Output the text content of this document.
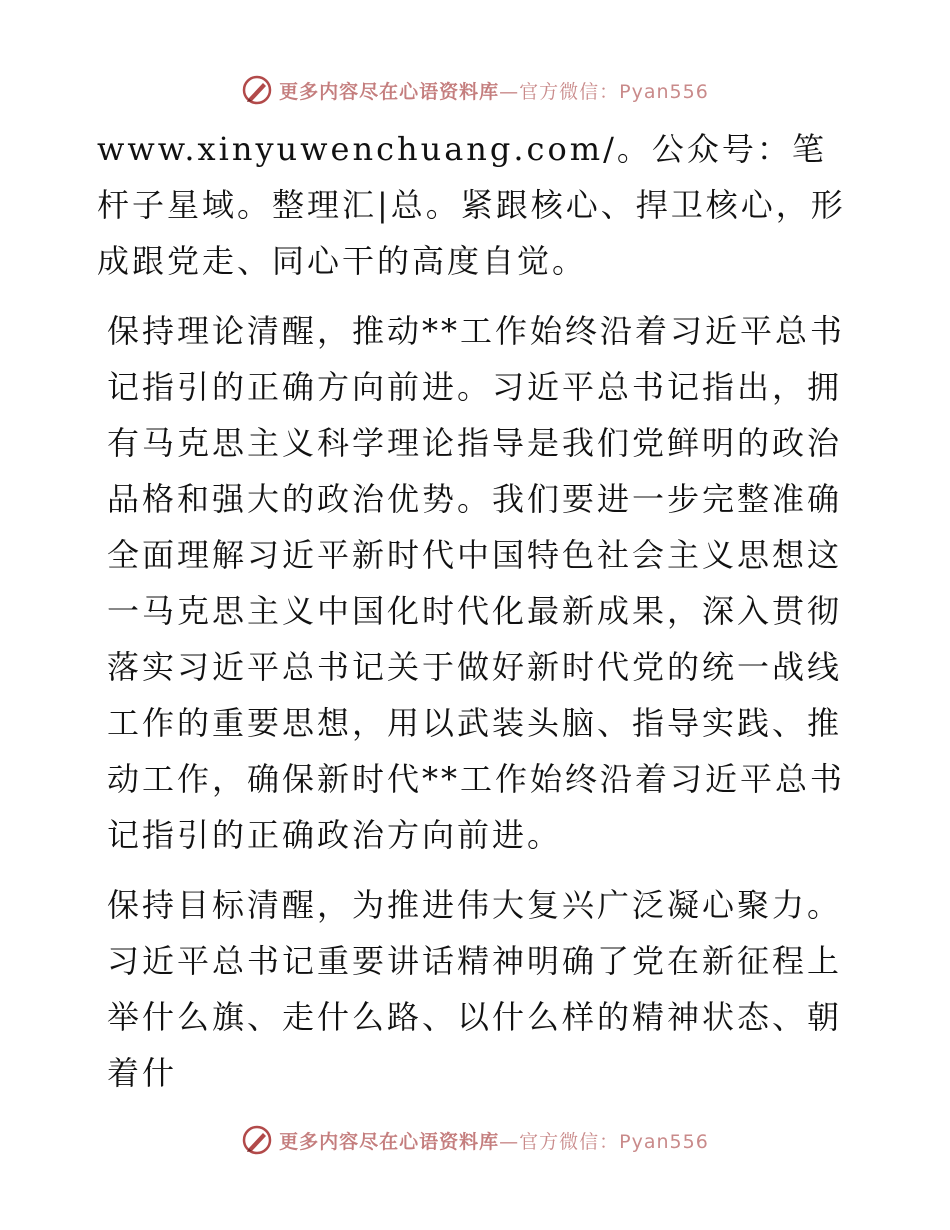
更多内容尽在心语资料库—官方微信：Pyan556

www.xinyuwenchuang.com/。公众号：笔杆子星域。整理汇|总。紧跟核心、捍卫核心，形成跟党走、同心干的高度自觉。

保持理论清醒，推动**工作始终沿着习近平总书记指引的正确方向前进。习近平总书记指出，拥有马克思主义科学理论指导是我们党鲜明的政治品格和强大的政治优势。我们要进一步完整准确全面理解习近平新时代中国特色社会主义思想这一马克思主义中国化时代化最新成果，深入贯彻落实习近平总书记关于做好新时代党的统一战线工作的重要思想，用以武装头脑、指导实践、推动工作，确保新时代**工作始终沿着习近平总书记指引的正确政治方向前进。

保持目标清醒，为推进伟大复兴广泛凝心聚力。习近平总书记重要讲话精神明确了党在新征程上举什么旗、走什么路、以什么样的精神状态、朝着什

更多内容尽在心语资料库—官方微信：Pyan556
